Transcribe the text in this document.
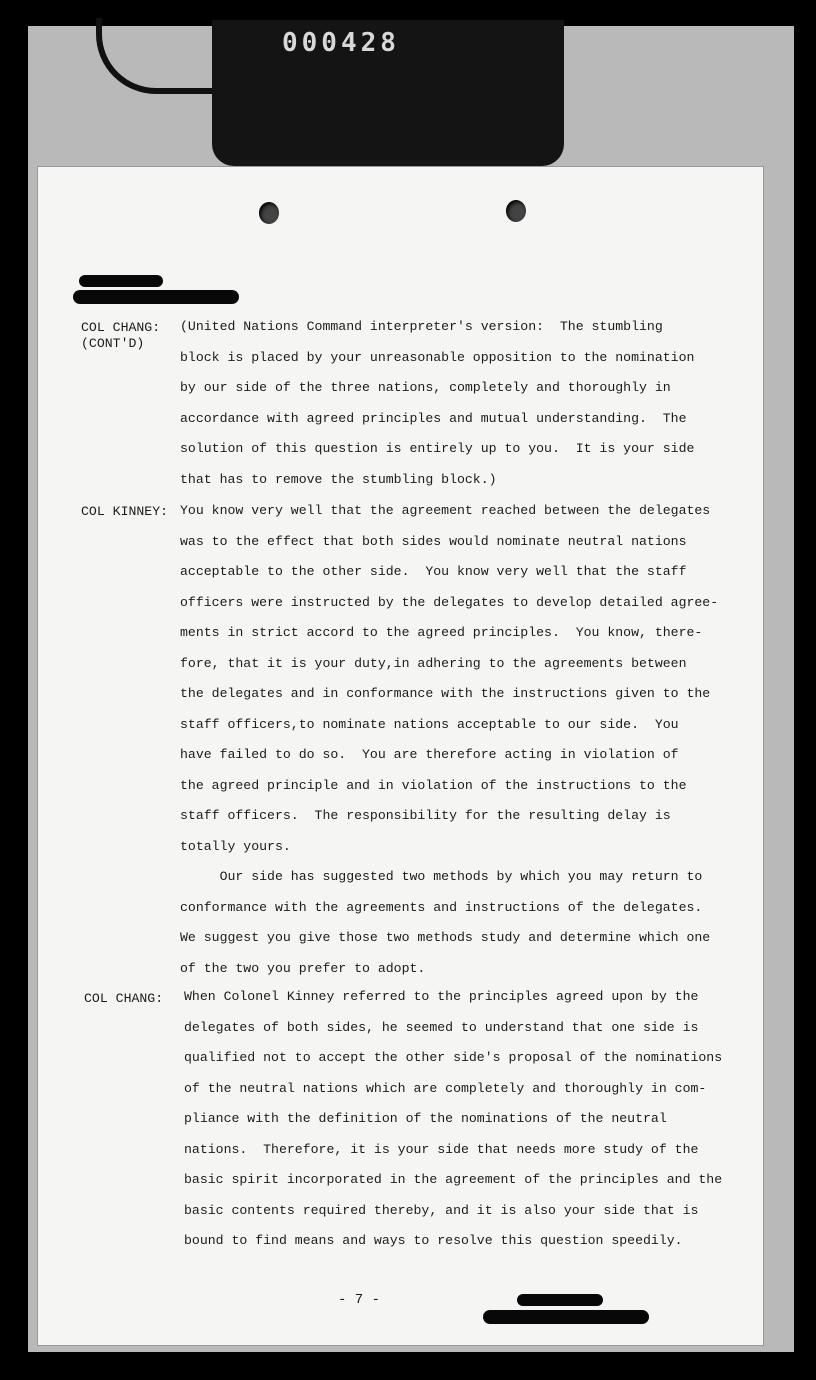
000428
COL CHANG:
(CONT'D)
(United Nations Command interpreter's version:  The stumbling
block is placed by your unreasonable opposition to the nomination
by our side of the three nations, completely and thoroughly in
accordance with agreed principles and mutual understanding.  The
solution of this question is entirely up to you.  It is your side
that has to remove the stumbling block.)
COL KINNEY: You know very well that the agreement reached between the delegates
was to the effect that both sides would nominate neutral nations
acceptable to the other side.  You know very well that the staff
officers were instructed by the delegates to develop detailed agree-
ments in strict accord to the agreed principles.  You know, there-
fore, that it is your duty,in adhering to the agreements between
the delegates and in conformance with the instructions given to the
staff officers,to nominate nations acceptable to our side.  You
have failed to do so.  You are therefore acting in violation of
the agreed principle and in violation of the instructions to the
staff officers.  The responsibility for the resulting delay is
totally yours.
Our side has suggested two methods by which you may return to
conformance with the agreements and instructions of the delegates.
We suggest you give those two methods study and determine which one
of the two you prefer to adopt.
COL CHANG: When Colonel Kinney referred to the principles agreed upon by the
delegates of both sides, he seemed to understand that one side is
qualified not to accept the other side's proposal of the nominations
of the neutral nations which are completely and thoroughly in com-
pliance with the definition of the nominations of the neutral
nations.  Therefore, it is your side that needs more study of the
basic spirit incorporated in the agreement of the principles and the
basic contents required thereby, and it is also your side that is
bound to find means and ways to resolve this question speedily.
- 7 -
